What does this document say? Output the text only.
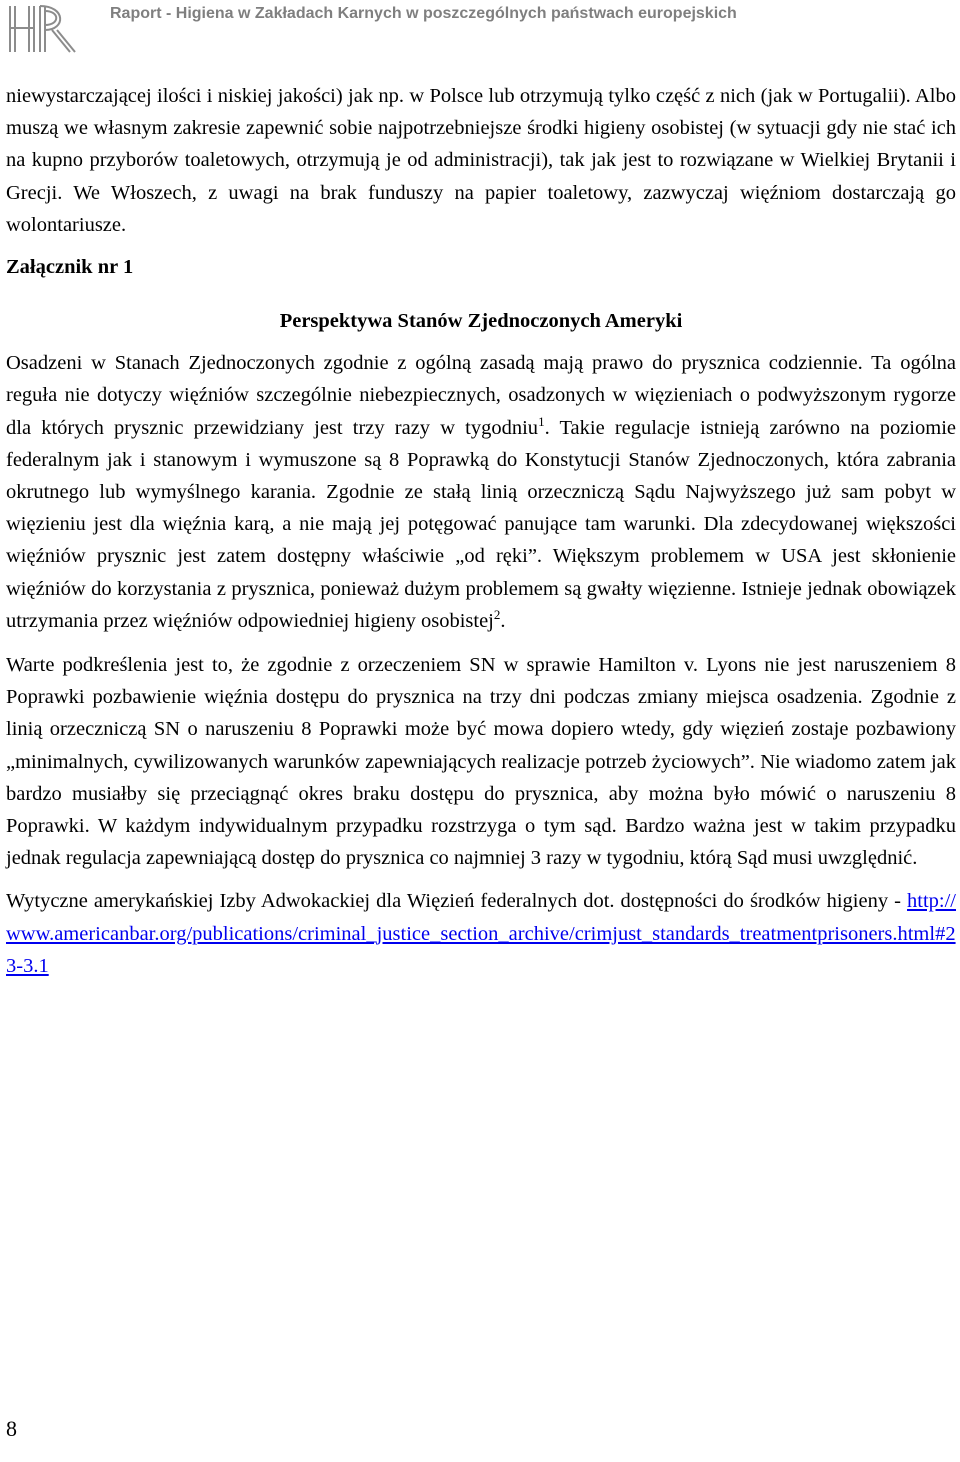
Raport - Higiena w Zakładach Karnych w poszczególnych państwach europejskich

niewystarczającej ilości i niskiej jakości) jak np. w Polsce lub otrzymują tylko część z nich (jak w Portugalii). Albo muszą we własnym zakresie zapewnić sobie najpotrzebniejsze środki higieny osobistej (w sytuacji gdy nie stać ich na kupno przyborów toaletowych, otrzymują je od administracji), tak jak jest to rozwiązane w Wielkiej Brytanii i Grecji. We Włoszech, z uwagi na brak funduszy na papier toaletowy, zazwyczaj więźniom dostarczają go wolontariusze.

Załącznik nr 1

Perspektywa Stanów Zjednoczonych Ameryki

Osadzeni w Stanach Zjednoczonych zgodnie z ogólną zasadą mają prawo do prysznica codziennie. Ta ogólna reguła nie dotyczy więźniów szczególnie niebezpiecznych, osadzonych w więzieniach o podwyższonym rygorze dla których prysznic przewidziany jest trzy razy w tygodniu$^1$. Takie regulacje istnieją zarówno na poziomie federalnym jak i stanowym i wymuszone są 8 Poprawką do Konstytucji Stanów Zjednoczonych, która zabrania okrutnego lub wymyślnego karania. Zgodnie ze stałą linią orzeczniczą Sądu Najwyższego już sam pobyt w więzieniu jest dla więźnia karą, a nie mają jej potęgować panujące tam warunki. Dla zdecydowanej większości więźniów prysznic jest zatem dostępny właściwie „od ręki”. Większym problemem w USA jest skłonienie więźniów do korzystania z prysznica, ponieważ dużym problemem są gwałty więzienne. Istnieje jednak obowiązek utrzymania przez więźniów odpowiedniej higieny osobistej$^2$.

Warte podkreślenia jest to, że zgodnie z orzeczeniem SN w sprawie Hamilton v. Lyons nie jest naruszeniem 8 Poprawki pozbawienie więźnia dostępu do prysznica na trzy dni podczas zmiany miejsca osadzenia. Zgodnie z linią orzeczniczą SN o naruszeniu 8 Poprawki może być mowa dopiero wtedy, gdy więzień zostaje pozbawiony „minimalnych, cywilizowanych warunków zapewniających realizacje potrzeb życiowych”. Nie wiadomo zatem jak bardzo musiałby się przeciągnąć okres braku dostępu do prysznica, aby można było mówić o naruszeniu 8 Poprawki. W każdym indywidualnym przypadku rozstrzyga o tym sąd. Bardzo ważna jest w takim przypadku jednak regulacja zapewniającą dostęp do prysznica co najmniej 3 razy w tygodniu, którą Sąd musi uwzględnić.

Wytyczne amerykańskiej Izby Adwokackiej dla Więzień federalnych dot. dostępności do środków higieny - http://www.americanbar.org/publications/criminal_justice_section_archive/crimjust_standards_treatmentprisoners.html#23-3.1

8
